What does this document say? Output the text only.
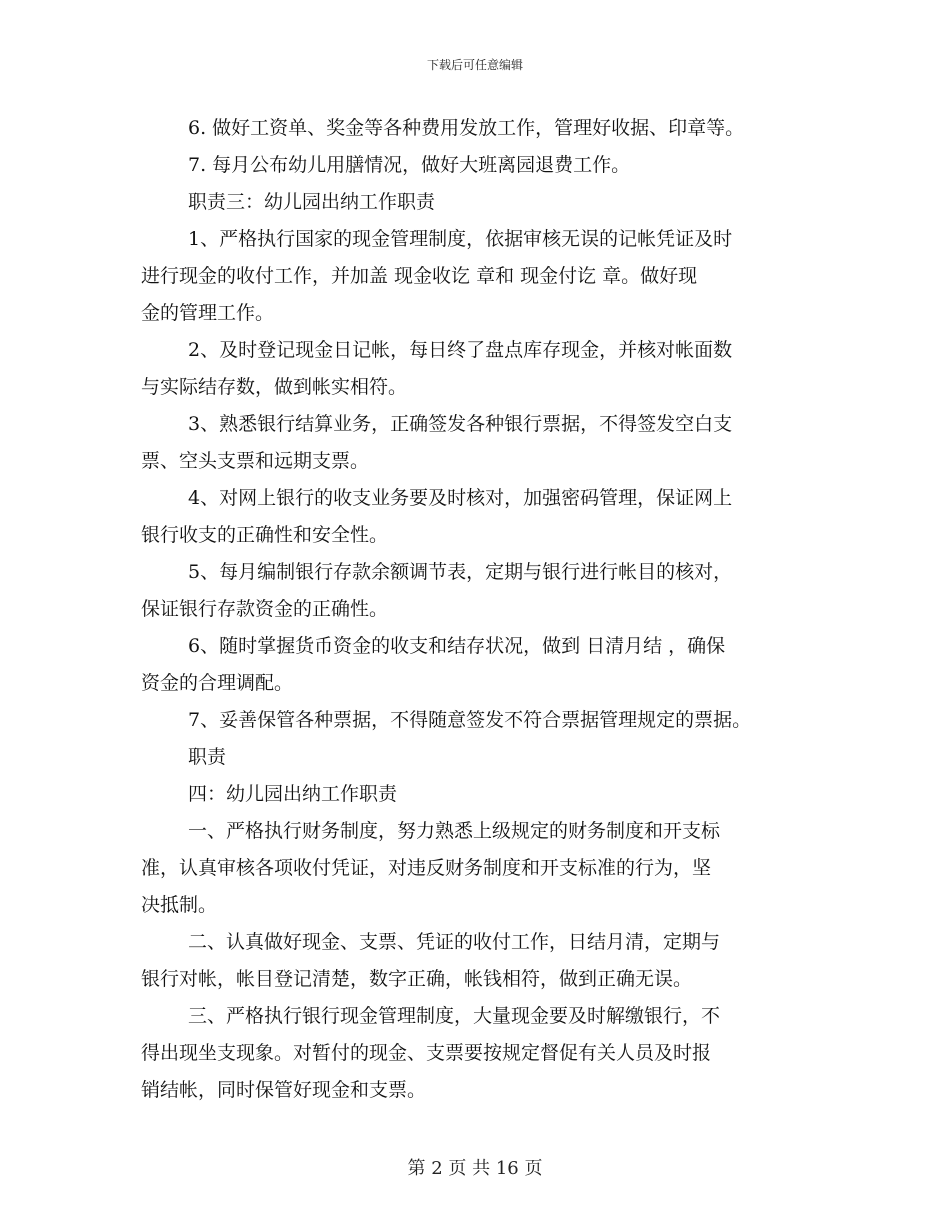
下载后可任意编辑
6. 做好工资单、奖金等各种费用发放工作，管理好收据、印章等。
7. 每月公布幼儿用膳情况，做好大班离园退费工作。
职责三：幼儿园出纳工作职责
1、严格执行国家的现金管理制度，依据审核无误的记帐凭证及时
进行现金的收付工作，并加盖 现金收讫 章和 现金付讫 章。做好现
金的管理工作。
2、及时登记现金日记帐，每日终了盘点库存现金，并核对帐面数
与实际结存数，做到帐实相符。
3、熟悉银行结算业务，正确签发各种银行票据，不得签发空白支
票、空头支票和远期支票。
4、对网上银行的收支业务要及时核对，加强密码管理，保证网上
银行收支的正确性和安全性。
5、每月编制银行存款余额调节表，定期与银行进行帐目的核对，
保证银行存款资金的正确性。
6、随时掌握货币资金的收支和结存状况，做到 日清月结 ，确保
资金的合理调配。
7、妥善保管各种票据，不得随意签发不符合票据管理规定的票据。
职责
四：幼儿园出纳工作职责
一、严格执行财务制度，努力熟悉上级规定的财务制度和开支标
准，认真审核各项收付凭证，对违反财务制度和开支标准的行为，坚
决抵制。
二、认真做好现金、支票、凭证的收付工作，日结月清，定期与
银行对帐，帐目登记清楚，数字正确，帐钱相符，做到正确无误。
三、严格执行银行现金管理制度，大量现金要及时解缴银行，不
得出现坐支现象。对暂付的现金、支票要按规定督促有关人员及时报
销结帐，同时保管好现金和支票。
第 2 页 共 16 页
